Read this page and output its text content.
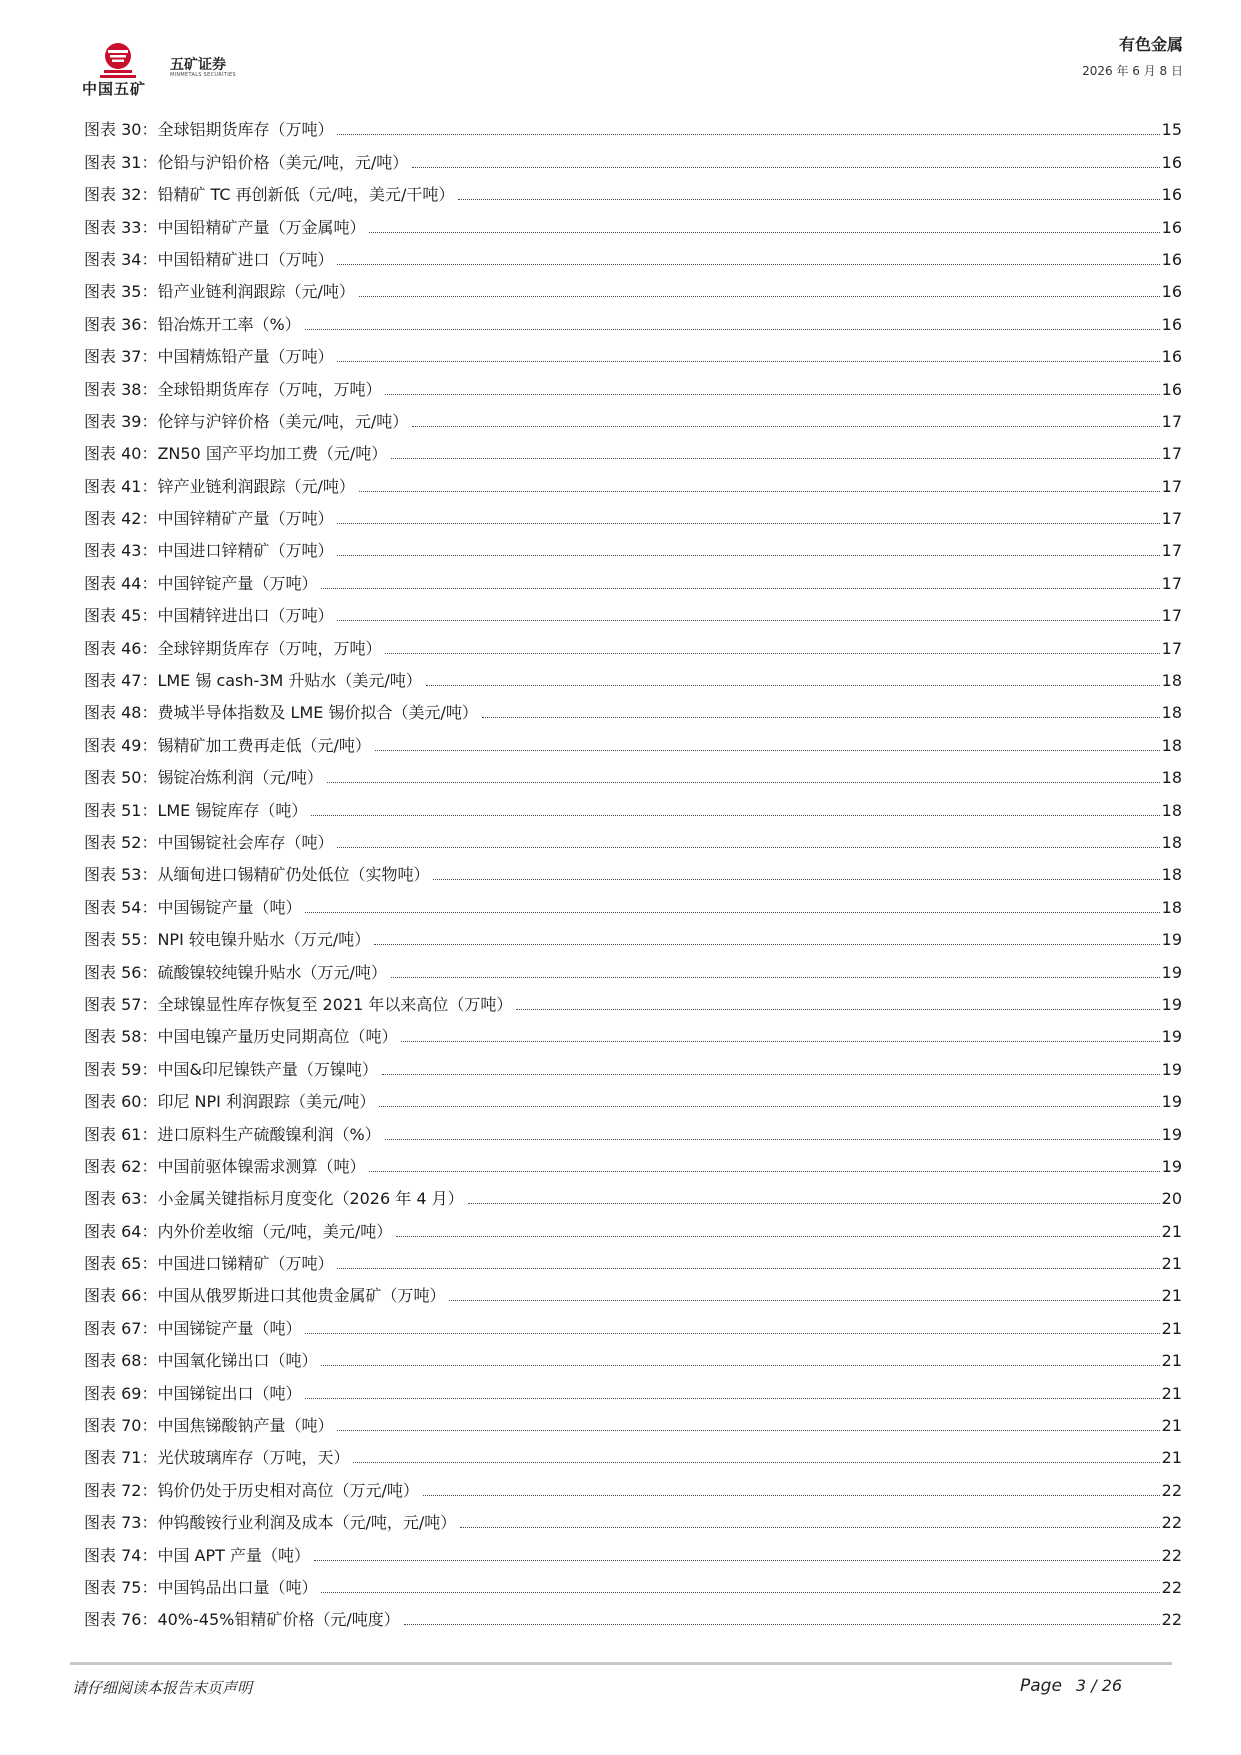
中国五矿
五矿证券
MINMETALS SECURITIES
有色金属
2026 年 6 月 8 日
图表 30：全球铝期货库存（万吨）	15
图表 31：伦铅与沪铅价格（美元/吨，元/吨）	16
图表 32：铅精矿 TC 再创新低（元/吨，美元/干吨）	16
图表 33：中国铅精矿产量（万金属吨）	16
图表 34：中国铅精矿进口（万吨）	16
图表 35：铅产业链利润跟踪（元/吨）	16
图表 36：铅冶炼开工率（%）	16
图表 37：中国精炼铅产量（万吨）	16
图表 38：全球铅期货库存（万吨，万吨）	16
图表 39：伦锌与沪锌价格（美元/吨，元/吨）	17
图表 40：ZN50 国产平均加工费（元/吨）	17
图表 41：锌产业链利润跟踪（元/吨）	17
图表 42：中国锌精矿产量（万吨）	17
图表 43：中国进口锌精矿（万吨）	17
图表 44：中国锌锭产量（万吨）	17
图表 45：中国精锌进出口（万吨）	17
图表 46：全球锌期货库存（万吨，万吨）	17
图表 47：LME 锡 cash-3M 升贴水（美元/吨）	18
图表 48：费城半导体指数及 LME 锡价拟合（美元/吨）	18
图表 49：锡精矿加工费再走低（元/吨）	18
图表 50：锡锭冶炼利润（元/吨）	18
图表 51：LME 锡锭库存（吨）	18
图表 52：中国锡锭社会库存（吨）	18
图表 53：从缅甸进口锡精矿仍处低位（实物吨）	18
图表 54：中国锡锭产量（吨）	18
图表 55：NPI 较电镍升贴水（万元/吨）	19
图表 56：硫酸镍较纯镍升贴水（万元/吨）	19
图表 57：全球镍显性库存恢复至 2021 年以来高位（万吨）	19
图表 58：中国电镍产量历史同期高位（吨）	19
图表 59：中国&印尼镍铁产量（万镍吨）	19
图表 60：印尼 NPI 利润跟踪（美元/吨）	19
图表 61：进口原料生产硫酸镍利润（%）	19
图表 62：中国前驱体镍需求测算（吨）	19
图表 63：小金属关键指标月度变化（2026 年 4 月）	20
图表 64：内外价差收缩（元/吨，美元/吨）	21
图表 65：中国进口锑精矿（万吨）	21
图表 66：中国从俄罗斯进口其他贵金属矿（万吨）	21
图表 67：中国锑锭产量（吨）	21
图表 68：中国氧化锑出口（吨）	21
图表 69：中国锑锭出口（吨）	21
图表 70：中国焦锑酸钠产量（吨）	21
图表 71：光伏玻璃库存（万吨，天）	21
图表 72：钨价仍处于历史相对高位（万元/吨）	22
图表 73：仲钨酸铵行业利润及成本（元/吨，元/吨）	22
图表 74：中国 APT 产量（吨）	22
图表 75：中国钨品出口量（吨）	22
图表 76：40%-45%钼精矿价格（元/吨度）	22
请仔细阅读本报告末页声明	Page 3 / 26
